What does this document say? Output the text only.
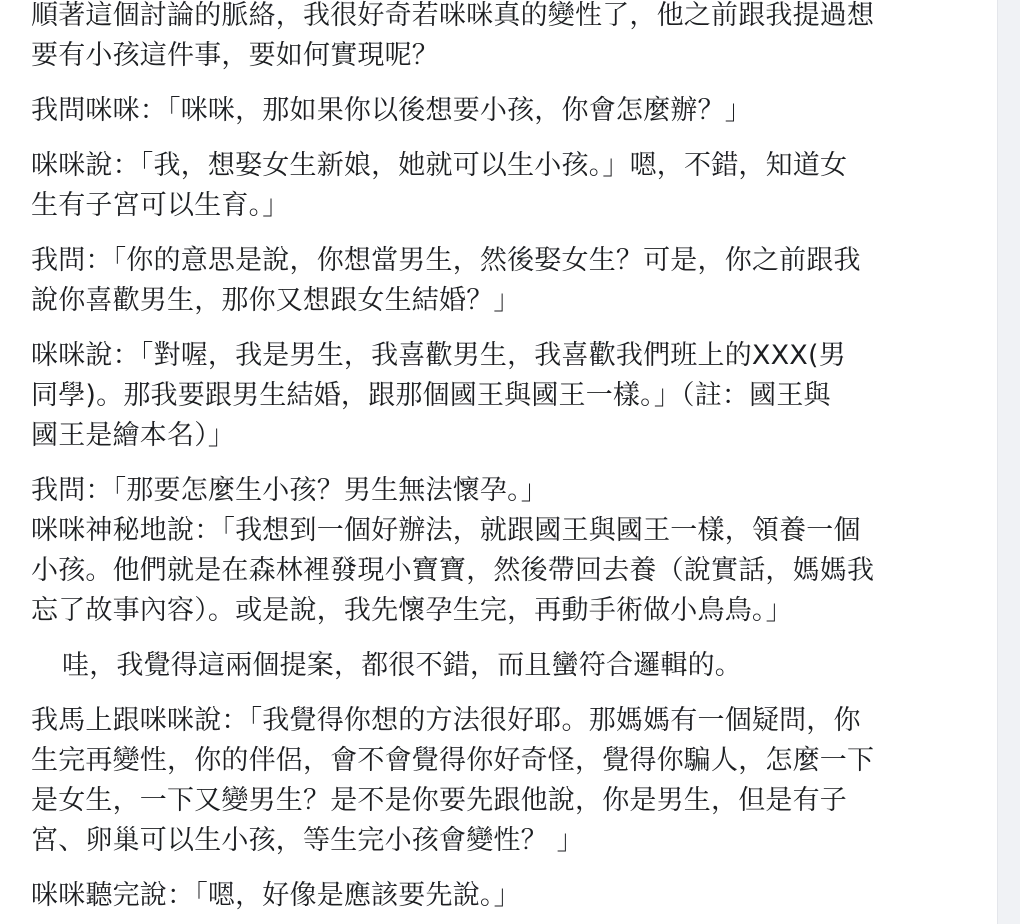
順著這個討論的脈絡，我很好奇若咪咪真的變性了，他之前跟我提過想
要有小孩這件事，要如何實現呢？

我問咪咪：「咪咪，那如果你以後想要小孩，你會怎麼辦？」

咪咪說：「我，想娶女生新娘，她就可以生小孩。」嗯，不錯，知道女
生有子宮可以生育。」

我問：「你的意思是說，你想當男生，然後娶女生？可是，你之前跟我
說你喜歡男生，那你又想跟女生結婚？」

咪咪說：「對喔，我是男生，我喜歡男生，我喜歡我們班上的XXX(男
同學)。那我要跟男生結婚，跟那個國王與國王一樣。」（註：國王與
國王是繪本名）」

我問：「那要怎麼生小孩？男生無法懷孕。」
咪咪神秘地說：「我想到一個好辦法，就跟國王與國王一樣，領養一個
小孩。他們就是在森林裡發現小寶寶，然後帶回去養（說實話，媽媽我
忘了故事內容）。或是說，我先懷孕生完，再動手術做小鳥鳥。」

哇，我覺得這兩個提案，都很不錯，而且蠻符合邏輯的。

我馬上跟咪咪說：「我覺得你想的方法很好耶。那媽媽有一個疑問，你
生完再變性，你的伴侶，會不會覺得你好奇怪，覺得你騙人，怎麼一下
是女生，一下又變男生？是不是你要先跟他說，你是男生，但是有子
宮、卵巢可以生小孩，等生完小孩會變性？ 」

咪咪聽完說：「嗯，好像是應該要先說。」
